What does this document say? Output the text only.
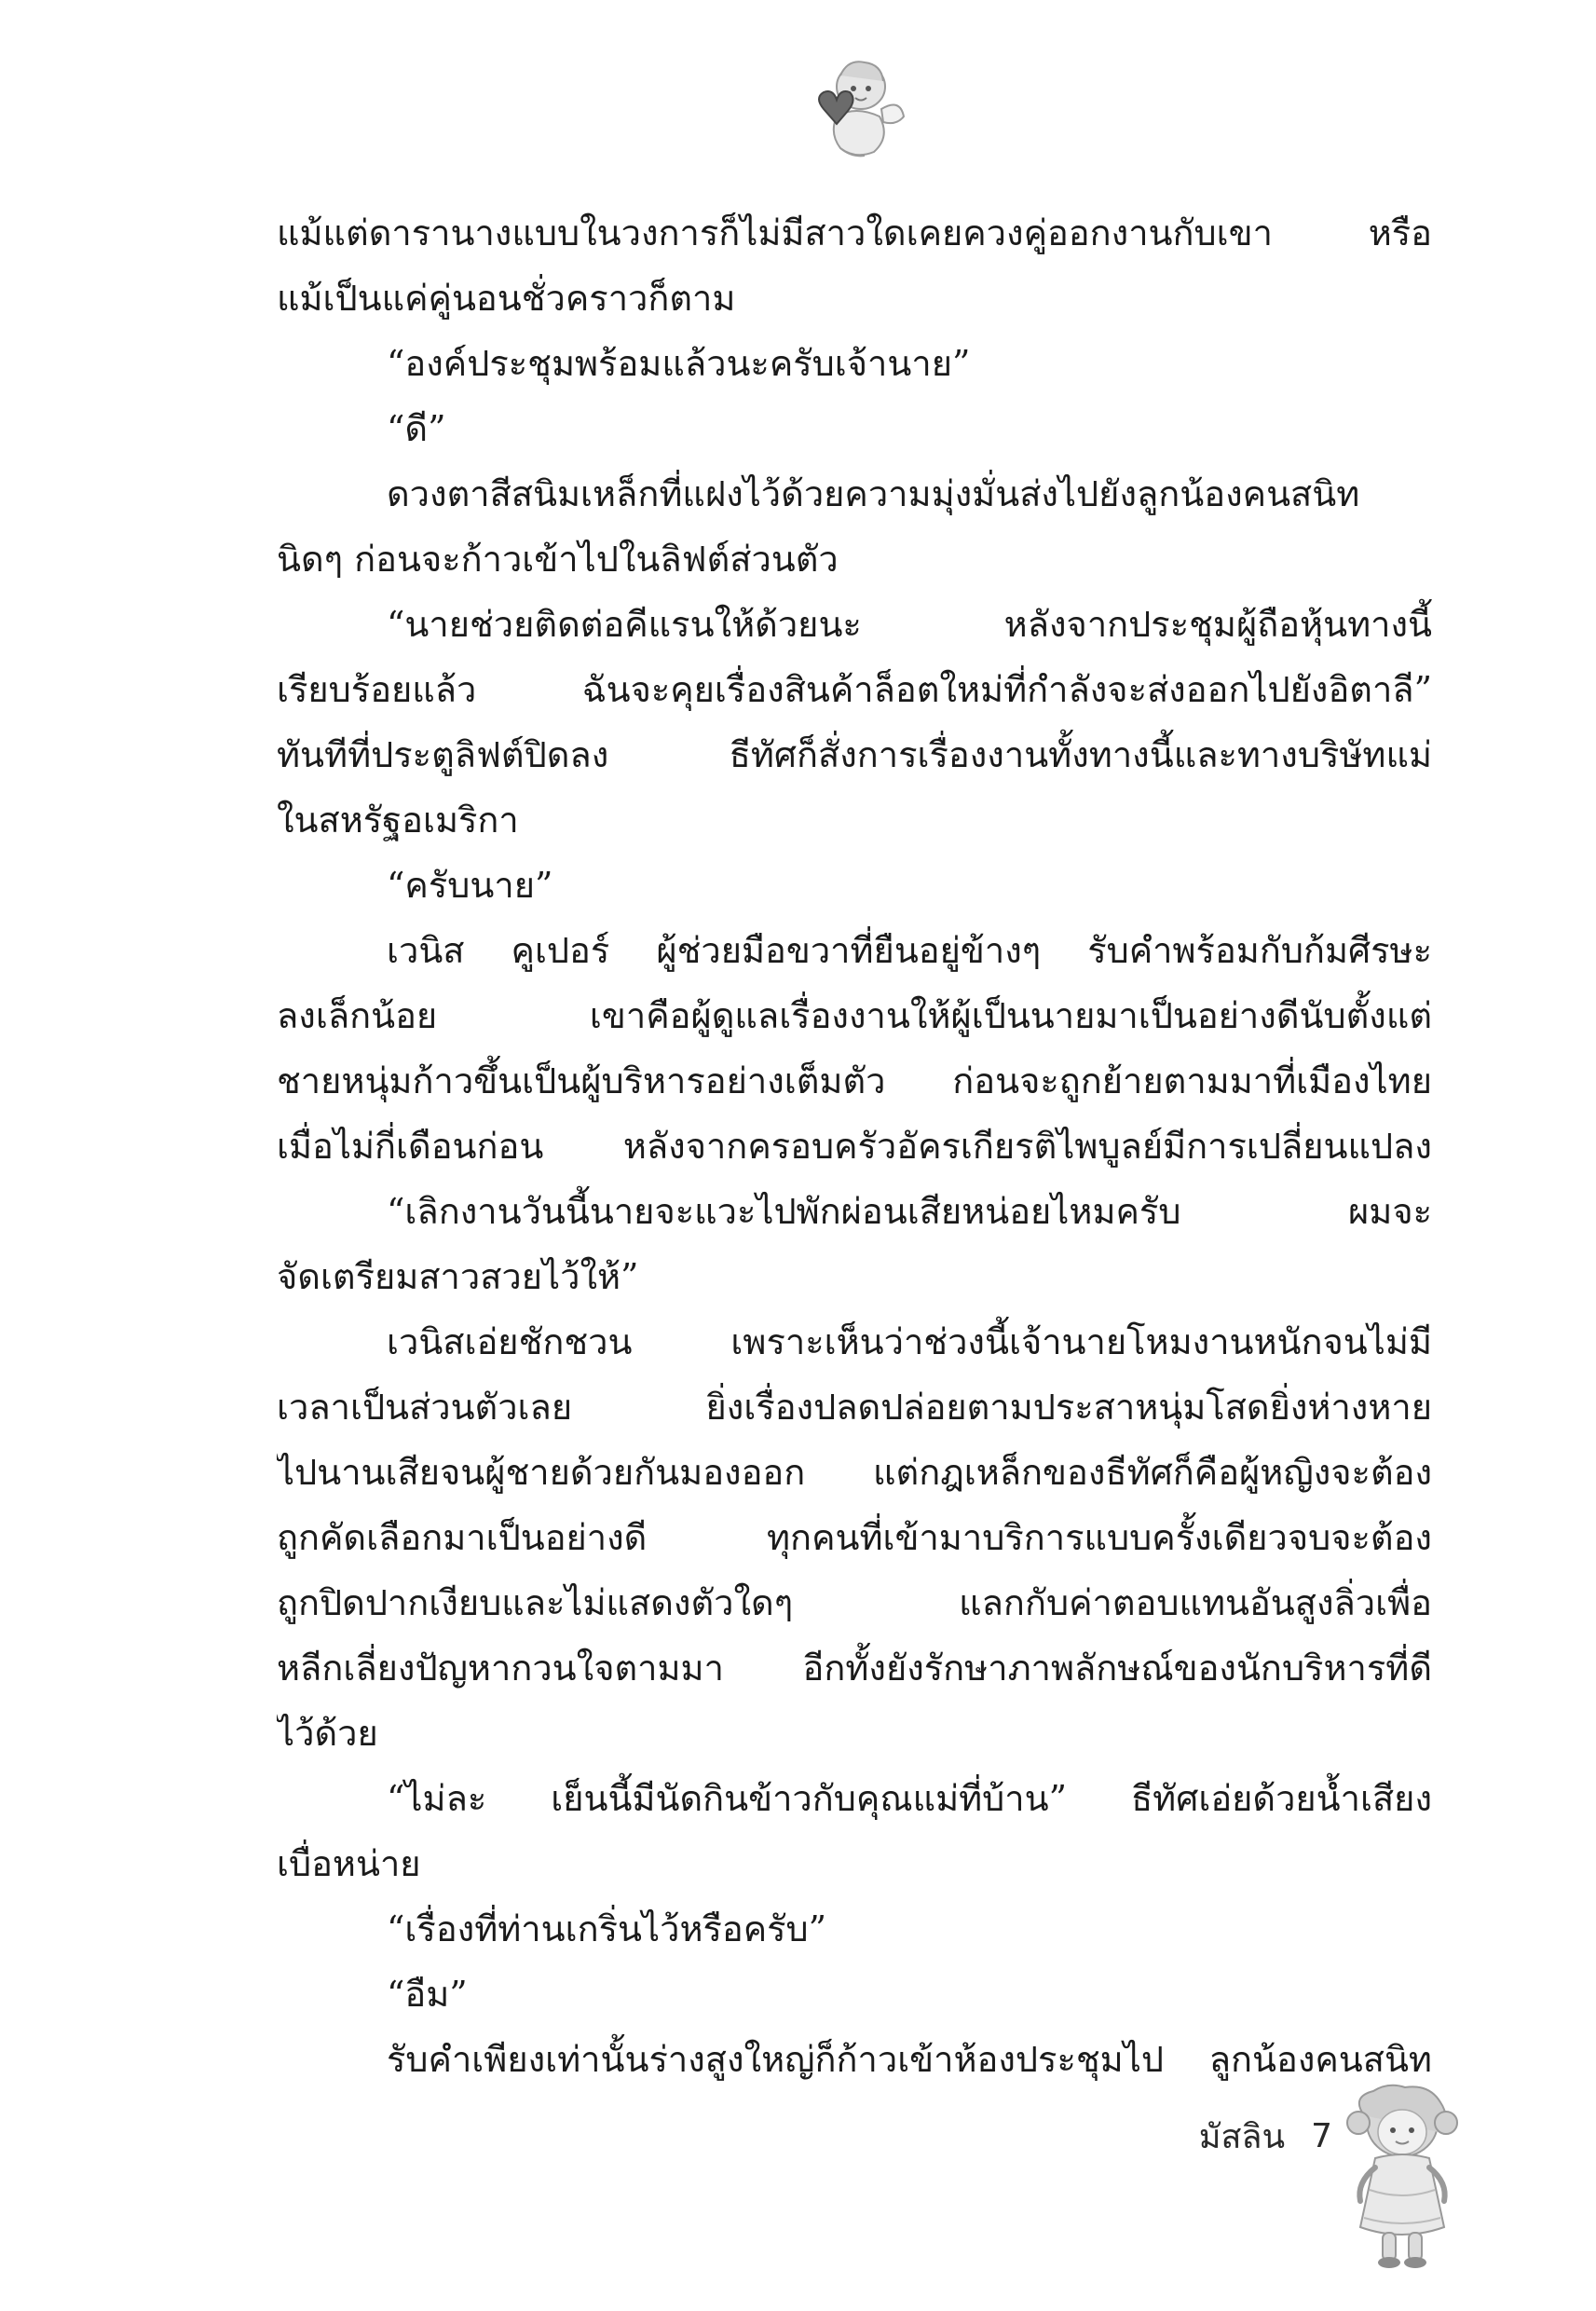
แม้แต่ดารานางแบบในวงการก็ไม่มีสาวใดเคยควงคู่ออกงานกับเขา หรือ
แม้เป็นแค่คู่นอนชั่วคราวก็ตาม
“องค์ประชุมพร้อมแล้วนะครับเจ้านาย”
“ดี”
ดวงตาสีสนิมเหล็กที่แฝงไว้ด้วยความมุ่งมั่นส่งไปยังลูกน้องคนสนิท
นิดๆ ก่อนจะก้าวเข้าไปในลิฟต์ส่วนตัว
“นายช่วยติดต่อคีแรนให้ด้วยนะ หลังจากประชุมผู้ถือหุ้นทางนี้
เรียบร้อยแล้ว ฉันจะคุยเรื่องสินค้าล็อตใหม่ที่กำลังจะส่งออกไปยังอิตาลี”
ทันทีที่ประตูลิฟต์ปิดลง ธีทัศก็สั่งการเรื่องงานทั้งทางนี้และทางบริษัทแม่
ในสหรัฐอเมริกา
“ครับนาย”
เวนิส คูเปอร์ ผู้ช่วยมือขวาที่ยืนอยู่ข้างๆ รับคำพร้อมกับก้มศีรษะ
ลงเล็กน้อย เขาคือผู้ดูแลเรื่องงานให้ผู้เป็นนายมาเป็นอย่างดีนับตั้งแต่
ชายหนุ่มก้าวขึ้นเป็นผู้บริหารอย่างเต็มตัว ก่อนจะถูกย้ายตามมาที่เมืองไทย
เมื่อไม่กี่เดือนก่อน หลังจากครอบครัวอัครเกียรติไพบูลย์มีการเปลี่ยนแปลง
“เลิกงานวันนี้นายจะแวะไปพักผ่อนเสียหน่อยไหมครับ ผมจะ
จัดเตรียมสาวสวยไว้ให้”
เวนิสเอ่ยชักชวน เพราะเห็นว่าช่วงนี้เจ้านายโหมงานหนักจนไม่มี
เวลาเป็นส่วนตัวเลย ยิ่งเรื่องปลดปล่อยตามประสาหนุ่มโสดยิ่งห่างหาย
ไปนานเสียจนผู้ชายด้วยกันมองออก แต่กฎเหล็กของธีทัศก็คือผู้หญิงจะต้อง
ถูกคัดเลือกมาเป็นอย่างดี ทุกคนที่เข้ามาบริการแบบครั้งเดียวจบจะต้อง
ถูกปิดปากเงียบและไม่แสดงตัวใดๆ แลกกับค่าตอบแทนอันสูงลิ่วเพื่อ
หลีกเลี่ยงปัญหากวนใจตามมา อีกทั้งยังรักษาภาพลักษณ์ของนักบริหารที่ดี
ไว้ด้วย
“ไม่ละ เย็นนี้มีนัดกินข้าวกับคุณแม่ที่บ้าน” ธีทัศเอ่ยด้วยน้ำเสียง
เบื่อหน่าย
“เรื่องที่ท่านเกริ่นไว้หรือครับ”
“อืม”
รับคำเพียงเท่านั้นร่างสูงใหญ่ก็ก้าวเข้าห้องประชุมไป ลูกน้องคนสนิท
มัสลิน 7
